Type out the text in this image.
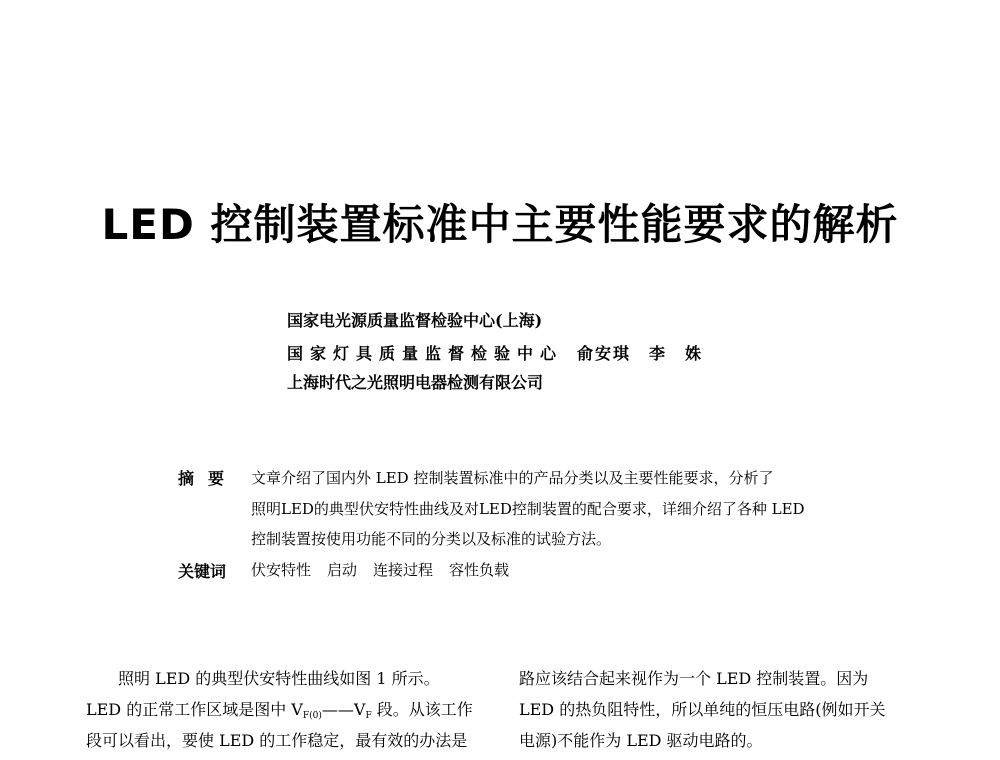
LED 控制装置标准中主要性能要求的解析
国家电光源质量监督检验中心(上海)
国家灯具质量监督检验中心 俞安琪　李　姝
上海时代之光照明电器检测有限公司
摘要 文章介绍了国内外 LED 控制装置标准中的产品分类以及主要性能要求，分析了
照明LED的典型伏安特性曲线及对LED控制装置的配合要求，详细介绍了各种 LED
控制装置按使用功能不同的分类以及标准的试验方法。
关键词 伏安特性 启动 连接过程 容性负载
照明 LED 的典型伏安特性曲线如图 1 所示。
LED 的正常工作区域是图中 $V_{F(0)}——V_F$ 段。从该工作
段可以看出，要使 LED 的工作稳定，最有效的办法是
路应该结合起来视作为一个 LED 控制装置。因为
LED 的热负阻特性，所以单纯的恒压电路(例如开关
电源)不能作为 LED 驱动电路的。
